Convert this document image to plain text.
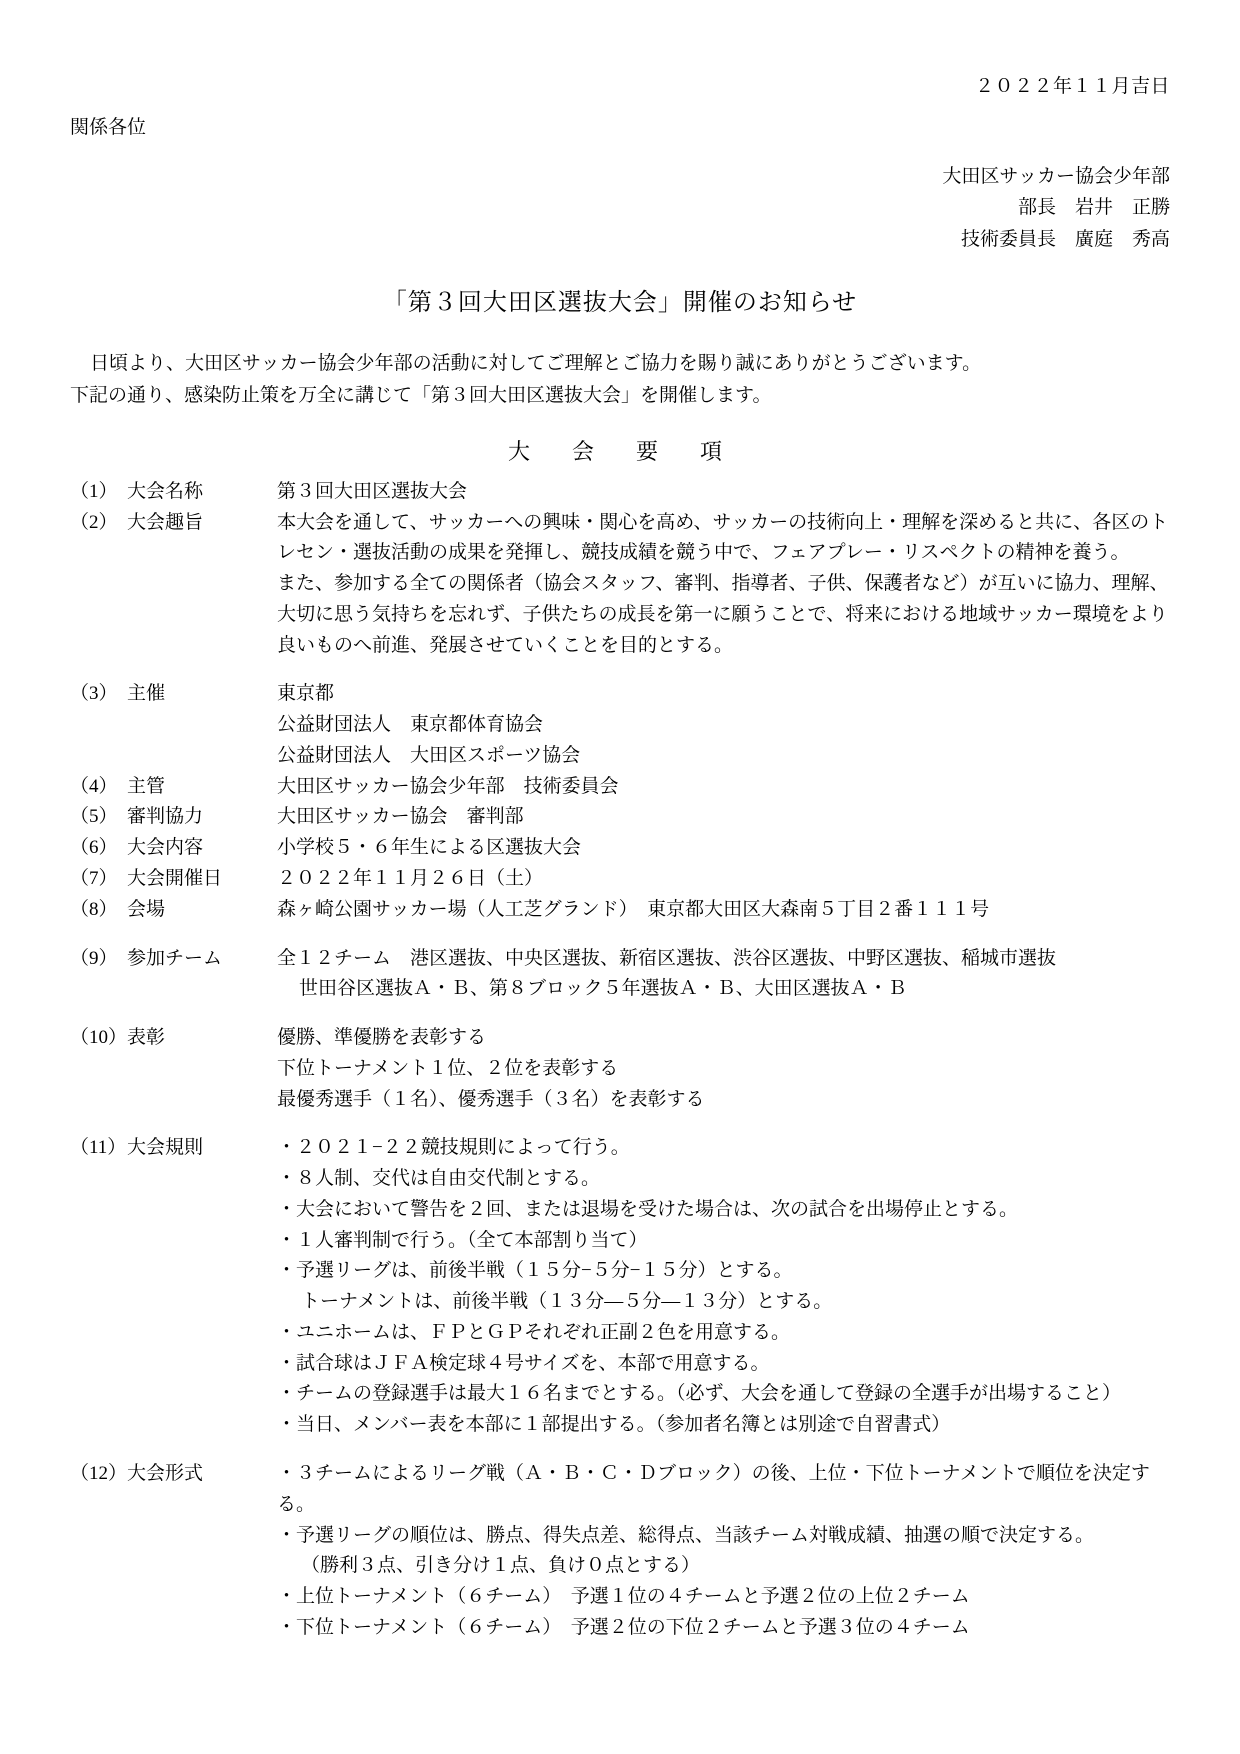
２０２２年１１月吉日
関係各位
大田区サッカー協会少年部
部長　岩井　正勝
技術委員長　廣庭　秀高
「第３回大田区選抜大会」開催のお知らせ

日頃より、大田区サッカー協会少年部の活動に対してご理解とご協力を賜り誠にありがとうございます。

下記の通り、感染防止策を万全に講じて「第３回大田区選抜大会」を開催します。

大　会　要　項
（1）	大会名称	第３回大田区選抜大会

（2）	大会趣旨	本大会を通して、サッカーへの興味・関心を高め、サッカーの技術向上・理解を深めると共に、各区のトレセン・選抜活動の成果を発揮し、競技成績を競う中で、フェアプレー・リスペクトの精神を養う。

また、参加する全ての関係者（協会スタッフ、審判、指導者、子供、保護者など）が互いに協力、理解、大切に思う気持ちを忘れず、子供たちの成長を第一に願うことで、将来における地域サッカー環境をより良いものへ前進、発展させていくことを目的とする。

（3）	主催	東京都

公益財団法人　東京都体育協会

公益財団法人　大田区スポーツ協会

（4）	主管	大田区サッカー協会少年部　技術委員会

（5）	審判協力	大田区サッカー協会　審判部

（6）	大会内容	小学校５・６年生による区選抜大会

（7）	大会開催日	２０２２年１１月２６日（土）

（8）	会場	森ヶ崎公園サッカー場（人工芝グランド）　東京都大田区大森南５丁目２番１１１号

（9）	参加チーム	全１２チーム　港区選抜、中央区選抜、新宿区選抜、渋谷区選抜、中野区選抜、稲城市選抜

世田谷区選抜Ａ・Ｂ、第８ブロック５年選抜Ａ・Ｂ、大田区選抜Ａ・Ｂ

（10）	表彰	優勝、準優勝を表彰する

下位トーナメント１位、２位を表彰する

最優秀選手（１名）、優秀選手（３名）を表彰する

（11）	大会規則	・２０２１−２２競技規則によって行う。

・８人制、交代は自由交代制とする。

・大会において警告を２回、または退場を受けた場合は、次の試合を出場停止とする。

・１人審判制で行う。（全て本部割り当て）

・予選リーグは、前後半戦（１５分−５分−１５分）とする。

トーナメントは、前後半戦（１３分—５分—１３分）とする。

・ユニホームは、ＦＰとＧＰそれぞれ正副２色を用意する。

・試合球はＪＦＡ検定球４号サイズを、本部で用意する。

・チームの登録選手は最大１６名までとする。（必ず、大会を通して登録の全選手が出場すること）

・当日、メンバー表を本部に１部提出する。（参加者名簿とは別途で自習書式）

（12）	大会形式	・３チームによるリーグ戦（Ａ・Ｂ・Ｃ・Ｄブロック）の後、上位・下位トーナメントで順位を決定する。

・予選リーグの順位は、勝点、得失点差、総得点、当該チーム対戦成績、抽選の順で決定する。

（勝利３点、引き分け１点、負け０点とする）

・上位トーナメント（６チーム）　予選１位の４チームと予選２位の上位２チーム

・下位トーナメント（６チーム）　予選２位の下位２チームと予選３位の４チーム
